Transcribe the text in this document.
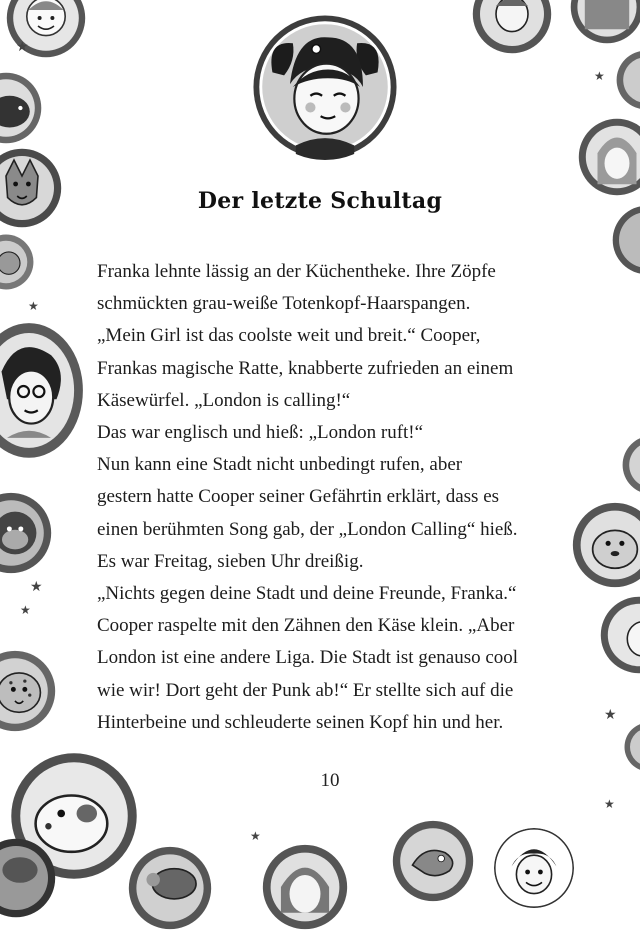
★
★
★
★
★
★
★
★
Der letzte Schultag
Franka lehnte lässig an der Küchentheke. Ihre Zöpfe
schmückten grau-weiße Totenkopf-Haarspangen.
„Mein Girl ist das coolste weit und breit.“ Cooper,
Frankas magische Ratte, knabberte zufrieden an einem
Käsewürfel. „London is calling!“
Das war englisch und hieß: „London ruft!“
Nun kann eine Stadt nicht unbedingt rufen, aber
gestern hatte Cooper seiner Gefährtin erklärt, dass es
einen berühmten Song gab, der „London Calling“ hieß.
Es war Freitag, sieben Uhr dreißig.
„Nichts gegen deine Stadt und deine Freunde, Franka.“
Cooper raspelte mit den Zähnen den Käse klein. „Aber
London ist eine andere Liga. Die Stadt ist genauso cool
wie wir! Dort geht der Punk ab!“ Er stellte sich auf die
Hinterbeine und schleuderte seinen Kopf hin und her.
10
